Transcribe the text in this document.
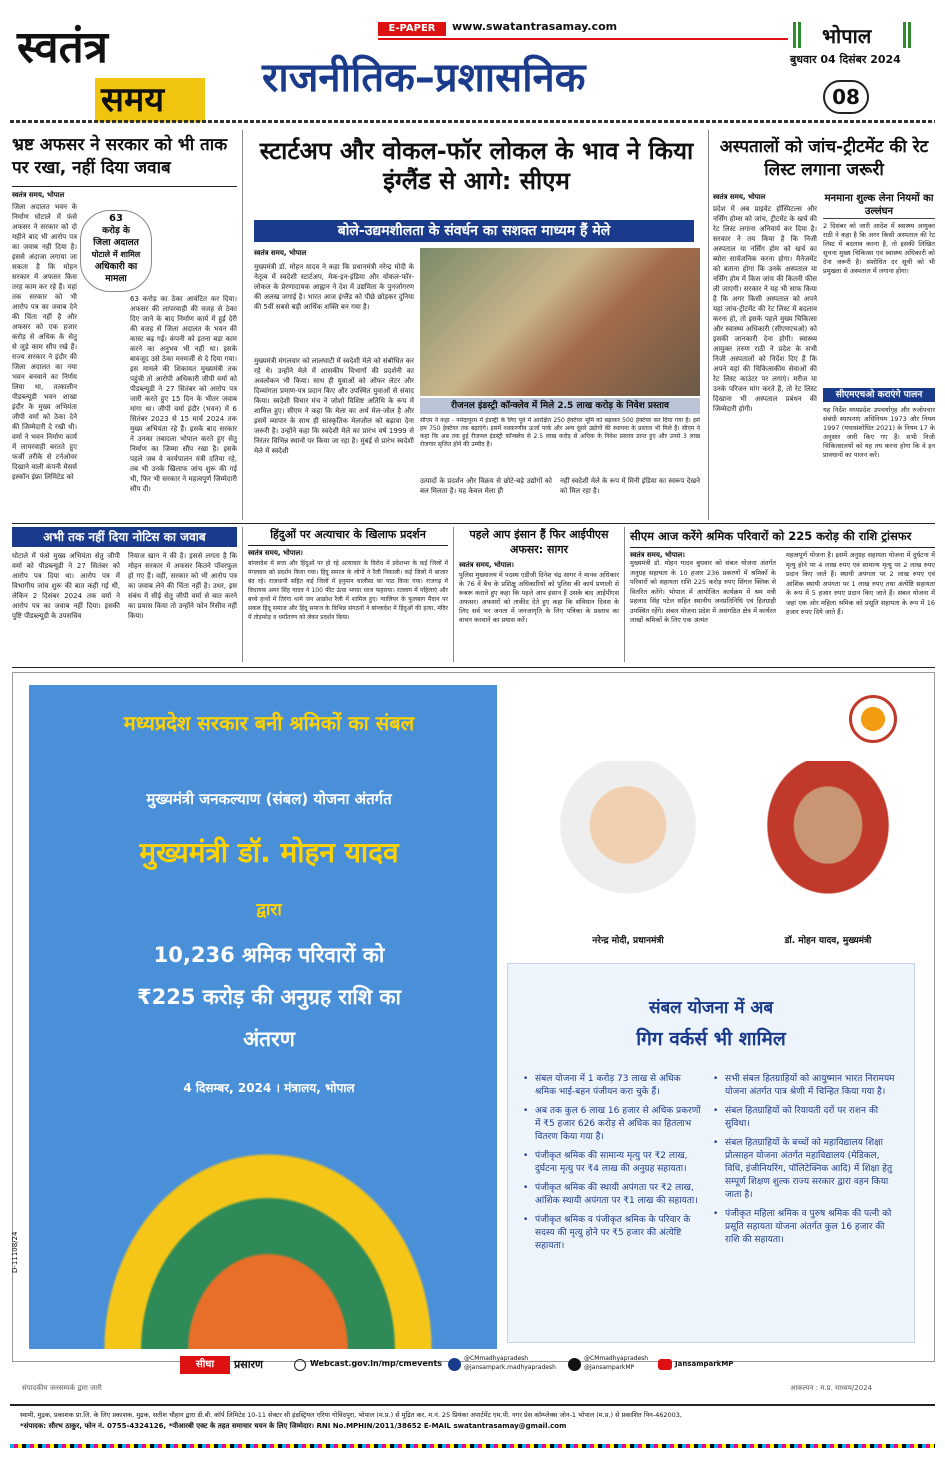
स्वतंत्र
समय
E-PAPER	www.swatantrasamay.com
राजनीतिक–प्रशासनिक
भोपाल
बुधवार 04 दिसंबर 2024
08
भ्रष्ट अफसर ने सरकार को भी ताक पर रखा, नहीं दिया जवाब
स्वतंत्र समय, भोपाल
63
करोड़ के
जिला अदालत
घोटाले में शामिल
अधिकारी का
मामला
जिला अदालत भवन के निर्माण घोटाले में फंसे अफसर ने सरकार को दो महीने बाद भी आरोप पत्र का जवाब नहीं दिया है। इससे अंदाजा लगाया जा सकता है कि मोहन सरकार में अफसर किस तरह काम कर रहे हैं। यहां तक सरकार को भी आरोप पत्र का जवाब देने की चिंता नहीं है और अफसर को एक हजार करोड़ से अधिक के सेतु से जुड़े काम सौंप रखे हैं। राज्य सरकार ने इंदौर की जिला अदालत का नया भवन बनवाने का निर्णय लिया था, तत्कालीन पीडब्ल्यूडी भवन शाखा इंदौर के मुख्य अभियंता जीपी वर्मा को ठेका देने की जिम्मेदारी दे रखी थी। वर्मा ने भवन निर्माण कार्य में लापरवाही बरतते हुए फर्जी तरीके से टर्नओवर दिखाने वाली कंपनी मेसर्स इस्कॉन इंफ्रा लिमिटेड को
63 करोड़ का ठेका आवंटित कर दिया। अफसर की लापरवाही की वजह से ठेका दिए जाने के बाद निर्माण कार्य में हुई देरी की वजह से जिला अदालत के भवन की कास्ट बढ़ गई। कंपनी को इतना बड़ा काम करने का अनुभव भी नहीं था। इसके बावजूद उसे ठेका मनमर्जी से दे दिया गया। इस मामले की शिकायत मुख्यमंत्री तक पहुंची तो आरोपी अधिकारी जीपी वर्मा को पीडब्ल्यूडी ने 27 सितंबर को आरोप पत्र जारी करते हुए 15 दिन के भीतर जवाब मांगा था। जीपी वर्मा इंदौर (भवन) में 6 सितंबर 2023 से 15 मार्च 2024 तक मुख्य अभियंता रहे हैं। इसके बाद सरकार ने उनका तबादला भोपाल करते हुए सेतु निर्माण का जिम्मा सौंप रखा है। इसके पहले जब वे कार्यपालन यंत्री दतिया रहे, तब भी उनके खिलाफ जांच शुरू की गई थी, फिर भी सरकार ने महत्वपूर्ण जिम्मेदारी सौंप दी।
स्टार्टअप और वोकल-फॉर लोकल के भाव ने किया इंग्लैंड से आगे: सीएम
बोले-उद्यमशीलता के संवर्धन का सशक्त माध्यम हैं मेले
स्वतंत्र समय, भोपाल
मुख्यमंत्री डॉ. मोहन यादव ने कहा कि प्रधानमंत्री नरेन्द्र मोदी के नेतृत्व में स्वदेशी स्टार्टअप, मेक-इन-इंडिया और वोकल-फॉर-लोकल के प्रेरणादायक आह्वान ने देश में उद्यमिता के पुनर्जागरण की अलख जगाई है। भारत आज इंग्लैंड को पीछे छोड़कर दुनिया की 5वीं सबसे बड़ी आर्थिक शक्ति बन गया है।
मुख्यमंत्री मंगलवार को लालघाटी में स्वदेशी मेले को संबोधित कर रहे थे। उन्होंने मेले में शासकीय विभागों की प्रदर्शनी का अवलोकन भी किया। साथ ही युवाओं को ऑफर लेटर और दिव्यांगता प्रमाण-पत्र प्रदान किए और उपस्थित युवाओं से संवाद किया। स्वदेशी विचार मंच ने जोशो विशिष्ट अतिथि के रूप में शामिल हुए। सीएम ने कहा कि मेला का अर्थ मेल-जोल है और इसमें व्यापार के साथ ही सांस्कृतिक मेलजोल को बढ़ावा देना जरूरी है। उन्होंने कहा कि स्वदेशी मेले का प्रारंभ वर्ष 1999 से निरंतर विभिन्न स्थानों पर किया जा रहा है। मुंबई से प्रारंभ स्वदेशी मेले में स्वदेशी
रीजनल इंडस्ट्री कॉन्क्लेव में मिले 2.5 लाख करोड़ के निवेश प्रस्ताव
सीएम ने कहा - नर्मदापुरम में इंडस्ट्री के लिए पूर्व में आरक्षित 250 हेक्टेयर भूमि को बढ़ाकर 500 हेक्टेयर कर दिया गया है। इसे हम 750 हेक्टेयर तक बढ़ाएंगे। इसमें नवकरणीय ऊर्जा पार्क और अन्य दूसरे उद्योगों की स्थापना के प्रस्ताव भी मिले हैं। सीएम ने कहा कि अब तक हुई रीजनल इंडस्ट्री कॉन्क्लेव से 2.5 लाख करोड़ से अधिक के निवेश प्रस्ताव प्राप्त हुए और उनसे 3 लाख रोजगार सृजित होने की उम्मीद है।
उत्पादों के प्रदर्शन और विक्रय से छोटे-बड़े उद्योगों को बल मिलता है। यह केवल मेला ही
नहीं स्वदेशी मेले के रूप में मिनी इंडिया का स्वरूप देखने को मिल रहा है।
अस्पतालों को जांच-ट्रीटमेंट की रेट लिस्ट लगाना जरूरी
स्वतंत्र समय, भोपाल
प्रदेश में अब प्राइवेट हॉस्पिटल्स और नर्सिंग होम्स को जांच, ट्रीटमेंट के खर्च की रेट लिस्ट लगाना अनिवार्य कर दिया है। सरकार ने तय किया है कि निजी अस्पताल या नर्सिंग होम को खर्च का ब्योरा सार्वजनिक करना होगा। मैनेजमेंट को बताना होगा कि उनके अस्पताल या नर्सिंग होम में किस जांच की कितनी फीस ली जाएगी। सरकार ने यह भी साफ किया है कि अगर किसी अस्पताल को अपने यहां जांच-ट्रीटमेंट की रेट लिस्ट में बदलाव करना हो, तो इसके पहले मुख्य चिकित्सा और स्वास्थ्य अधिकारी (सीएमएचओ) को इसकी जानकारी देना होगी। स्वास्थ्य आयुक्त तरुण राठी ने प्रदेश के सभी निजी अस्पतालों को निर्देश दिए हैं कि अपने यहां की चिकित्सकीय सेवाओं की रेट लिस्ट काउंटर पर लगाएं। मरीज या उनके परिजन मांग करते हैं, तो रेट लिस्ट दिखाना भी अस्पताल प्रबंधन की जिम्मेदारी होगी।
मनमाना शुल्क लेना नियमों का उल्लंघन
2 दिसंबर को जारी आदेश में स्वास्थ्य आयुक्त राठी ने कहा है कि अगर किसी अस्पताल की रेट लिस्ट में बदलाव करना है, तो इसकी लिखित सूचना मुख्य चिकित्सा एवं स्वास्थ्य अधिकारी को देना जरूरी है। संशोधित दर सूची को भी प्रमुखता से अस्पताल में लगाना होगा।
सीएमएचओ कराएंगे पालन
यह निर्देश मध्यप्रदेश उपचर्यागृह और रुजोपचार संबंधी स्थापनाएं अधिनियम 1973 और नियम 1997 (यथासंशोधित 2021) के नियम 17 के अनुसार जारी किए गए हैं। सभी निजी चिकित्सालयों को यह तय करना होगा कि वे इन प्रावधानों का पालन करें।
अभी तक नहीं दिया नोटिस का जवाब
घोटाले में फंसे मुख्य अभियंता सेतु जीपी वर्मा को पीडब्ल्यूडी ने 27 सितंबर को आरोप पत्र दिया था। आरोप पत्र में विभागीय जांच शुरू की बात कही गई थी, लेकिन 2 दिसंबर 2024 तक वर्मा ने आरोप पत्र का जवाब नहीं दिया। इसकी पुष्टि पीडब्ल्यूडी के उपसचिव
नियाज खान ने की है। इससे लगता है कि मोहन सरकार में अफसर कितने पॉवरफुल हो गए हैं। वहीं, सरकार को भी आरोप पत्र का जवाब लेने की चिंता नहीं है। उधर, इस संबंध में सीई सेतु जीपी वर्मा से बात करने का प्रयास किया तो उन्होंने फोन रिसीव नहीं किया।
हिंदुओं पर अत्याचार के खिलाफ प्रदर्शन
स्वतंत्र समय, भोपाल।
बांग्लादेश में सत्ता और हिंदुओं पर हो रहे अत्याचार के विरोध में प्रदेशभर के कई जिलों में मंगलवार को प्रदर्शन किया गया। हिंदू समाज के लोगों ने रैली निकाली। कई जिलों में बाजार बंद रहे। राजधानी सहित कई जिलों में हनुमान चालीसा का पाठ किया गया। राजगढ़ में विधायक अमर सिंह यादव ने 100 फीट ऊंचा भगवा ध्वज फहराया। रतलाम में महिलाएं और बच्चे हाथों में तिरंगा थामे जन आक्रोश रैली में शामिल हुए। ग्वालियर के फूलबाग मैदान पर सकल हिंदू समाज और हिंदू समाज के विभिन्न संगठनों ने बांग्लादेश में हिंदुओं की हत्या, मंदिर में तोड़फोड़ व धर्मांतरण को लेकर प्रदर्शन किया।
पहले आप इंसान हैं फिर आईपीएस अफसर: सागर
स्वतंत्र समय, भोपाल।
पुलिस मुख्यालय में पदस्थ एडीजी दिनेश चंद्र सागर ने मानव अधिकार के 76 वें बैच के प्रशिक्षु अधिकारियों को पुलिस की कार्य प्रणाली से रूबरू कराते हुए कहा कि पहले आप इंसान हैं उसके बाद आईपीएस अफसर। अफसरों को ताकीद देते हुए कहा कि संविधान दिवस के लिए सर्व भर जनता में जनजागृति के लिए पत्रिका के प्रस्ताव का वाचन करवाने का प्रयास करें।
सीएम आज करेंगे श्रमिक परिवारों को 225 करोड़ की राशि ट्रांसफर
स्वतंत्र समय, भोपाल।
मुख्यमंत्री डॉ. मोहन यादव बुधवार को संबल योजना अंतर्गत अनुग्रह सहायता के 10 हजार 236 प्रकरणों में श्रमिकों के परिवारों को सहायता राशि 225 करोड़ रुपए सिंगल क्लिक से वितरित करेंगे। भोपाल में आयोजित कार्यक्रम में श्रम मंत्री प्रहलाद सिंह पटेल सहित स्थानीय जनप्रतिनिधि एवं हितग्राही उपस्थित रहेंगे। संबल योजना प्रदेश में असंगठित क्षेत्र में कार्यरत लाखों श्रमिकों के लिए एक अत्यंत
महत्वपूर्ण योजना है। इसमें अनुग्रह सहायता योजना में दुर्घटना में मृत्यु होने पर 4 लाख रुपए एवं सामान्य मृत्यु पर 2 लाख रुपए प्रदान किए जाते हैं। स्थायी अपंगता पर 2 लाख रुपए एवं आंशिक स्थायी अपंगता पर 1 लाख रुपए तथा अंत्येष्टि सहायता के रूप में 5 हजार रुपए प्रदान किए जाते हैं। संबल योजना में जहां एक ओर महिला श्रमिक को प्रसूति सहायता के रूप में 16 हजार रुपए दिये जाते हैं।
मध्यप्रदेश सरकार बनी श्रमिकों का संबल
मुख्यमंत्री जनकल्याण (संबल) योजना अंतर्गत
मुख्यमंत्री डॉ. मोहन यादव
द्वारा
10,236 श्रमिक परिवारों को
₹225 करोड़ की अनुग्रह राशि का
अंतरण
4 दिसम्बर, 2024 । मंत्रालय, भोपाल
नरेन्द्र मोदी, प्रधानमंत्री	डॉ. मोहन यादव, मुख्यमंत्री
संबल योजना में अब
गिग वर्कर्स भी शामिल
• संबल योजना में 1 करोड़ 73 लाख से अधिक श्रमिक भाई-बहन पंजीयन करा चुके हैं।
• अब तक कुल 6 लाख 16 हजार से अधिक प्रकरणों में ₹5 हजार 626 करोड़ से अधिक का हितलाभ वितरण किया गया है।
• पंजीकृत श्रमिक की सामान्य मृत्यु पर ₹2 लाख, दुर्घटना मृत्यु पर ₹4 लाख की अनुग्रह सहायता।
• पंजीकृत श्रमिक की स्थायी अपंगता पर ₹2 लाख, आंशिक स्थायी अपंगता पर ₹1 लाख की सहायता।
• पंजीकृत श्रमिक व पंजीकृत श्रमिक के परिवार के सदस्य की मृत्यु होने पर ₹5 हजार की अंत्येष्टि सहायता।
• सभी संबल हितग्राहियों को आयुष्मान भारत निरामयम योजना अंतर्गत पात्र श्रेणी में चिन्हित किया गया है।
• संबल हितग्राहियों को रियायती दरों पर राशन की सुविधा।
• संबल हितग्राहियों के बच्चों को महाविद्यालय शिक्षा प्रोत्साहन योजना अंतर्गत महाविद्यालय (मेडिकल, विधि, इंजीनियरिंग, पॉलिटेक्निक आदि) में शिक्षा हेतु सम्पूर्ण शिक्षण शुल्क राज्य सरकार द्वारा वहन किया जाता है।
• पंजीकृत महिला श्रमिक व पुरुष श्रमिक की पत्नी को प्रसूति सहायता योजना अंतर्गत कुल 16 हजार की राशि की सहायता।
D-11108/24
सीधा	प्रसारण	Webcast.gov.in/mp/cmevents
@CMmadhyapradesh
@jansampark.madhyapradesh
@CMmadhyapradesh
@JansamparkMP	JansamparkMP
संपादकीय जनसम्पर्क द्वारा जारी	आकल्पन : म.प्र. माध्यम/2024
स्वामी, मुद्रक, प्रकाशक प्रा.लि. के लिए प्रकाशक, मुद्रक, सतीश चौहान द्वारा डी.बी. कॉर्प लिमिटेड 10-11 सेक्टर सी इंडस्ट्रियल एरिया गोविंदपुरा, भोपाल (म.प्र.) से मुद्रित कर, म.नं. 25 प्रियंका अपार्टमेंट एम.पी. नगर प्रेस कॉम्प्लेक्स जोन-1 भोपाल (म.प्र.) से प्रकाशित पिन-462003,
*संपादक: सौरभ ठाकुर, फोन नं. 0755-4324126, *पीआरबी एक्ट के तहत समाचार चयन के लिए जिम्मेदार। RNI No.MPHIN/2011/38652 E-MAIL swatantrasamay@gmail.com
